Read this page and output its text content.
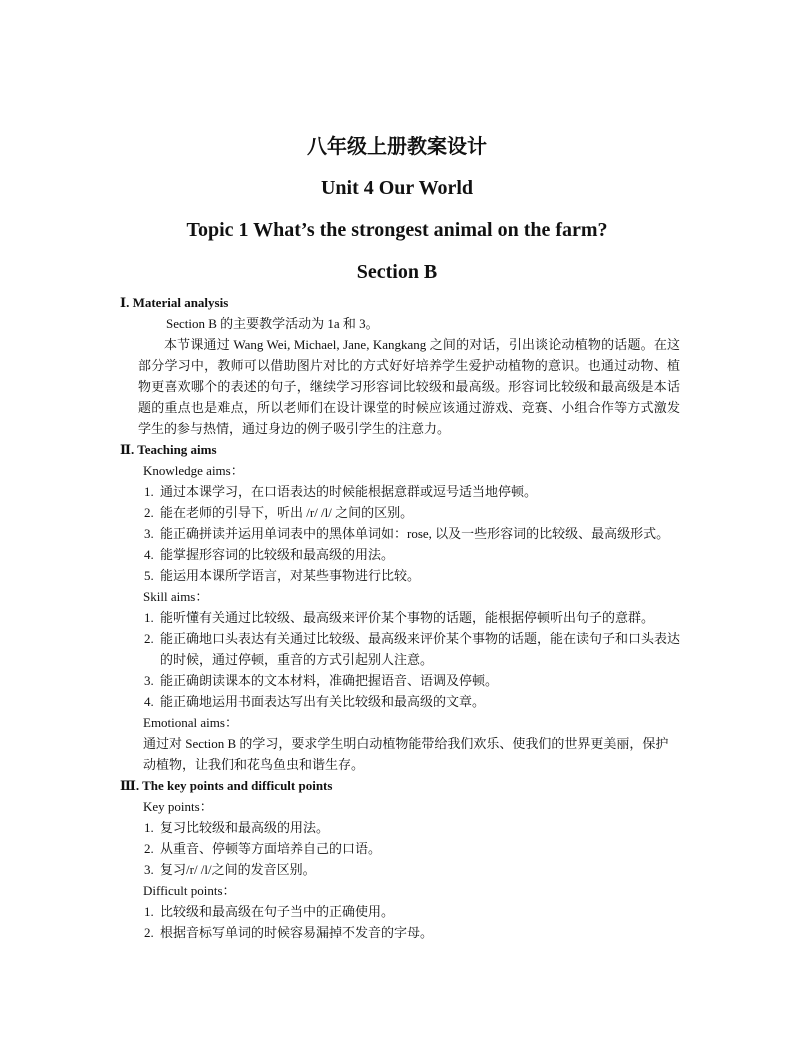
八年级上册教案设计
Unit 4 Our World
Topic 1 What’s the strongest animal on the farm?
Section B

Ⅰ. Material analysis

Section B 的主要教学活动为 1a 和 3。

本节课通过 Wang Wei, Michael, Jane, Kangkang 之间的对话，引出谈论动植物的话题。在这部分学习中，教师可以借助图片对比的方式好好培养学生爱护动植物的意识。也通过动物、植物更喜欢哪个的表述的句子，继续学习形容词比较级和最高级。形容词比较级和最高级是本话题的重点也是难点，所以老师们在设计课堂的时候应该通过游戏、竞赛、小组合作等方式激发学生的参与热情，通过身边的例子吸引学生的注意力。

Ⅱ. Teaching aims

Knowledge aims：

1. 通过本课学习，在口语表达的时候能根据意群或逗号适当地停顿。
2. 能在老师的引导下，听出 /r/ /l/ 之间的区别。
3. 能正确拼读并运用单词表中的黑体单词如：rose, 以及一些形容词的比较级、最高级形式。
4. 能掌握形容词的比较级和最高级的用法。
5. 能运用本课所学语言，对某些事物进行比较。

Skill aims：

1. 能听懂有关通过比较级、最高级来评价某个事物的话题，能根据停顿听出句子的意群。
2. 能正确地口头表达有关通过比较级、最高级来评价某个事物的话题，能在读句子和口头表达的时候，通过停顿，重音的方式引起别人注意。
3. 能正确朗读课本的文本材料，准确把握语音、语调及停顿。
4. 能正确地运用书面表达写出有关比较级和最高级的文章。

Emotional aims：

通过对 Section B 的学习，要求学生明白动植物能带给我们欢乐、使我们的世界更美丽，保护动植物，让我们和花鸟鱼虫和谐生存。

Ⅲ. The key points and difficult points

Key points：

1. 复习比较级和最高级的用法。
2. 从重音、停顿等方面培养自己的口语。
3. 复习/r/ /l/之间的发音区别。

Difficult points：

1. 比较级和最高级在句子当中的正确使用。
2. 根据音标写单词的时候容易漏掉不发音的字母。
